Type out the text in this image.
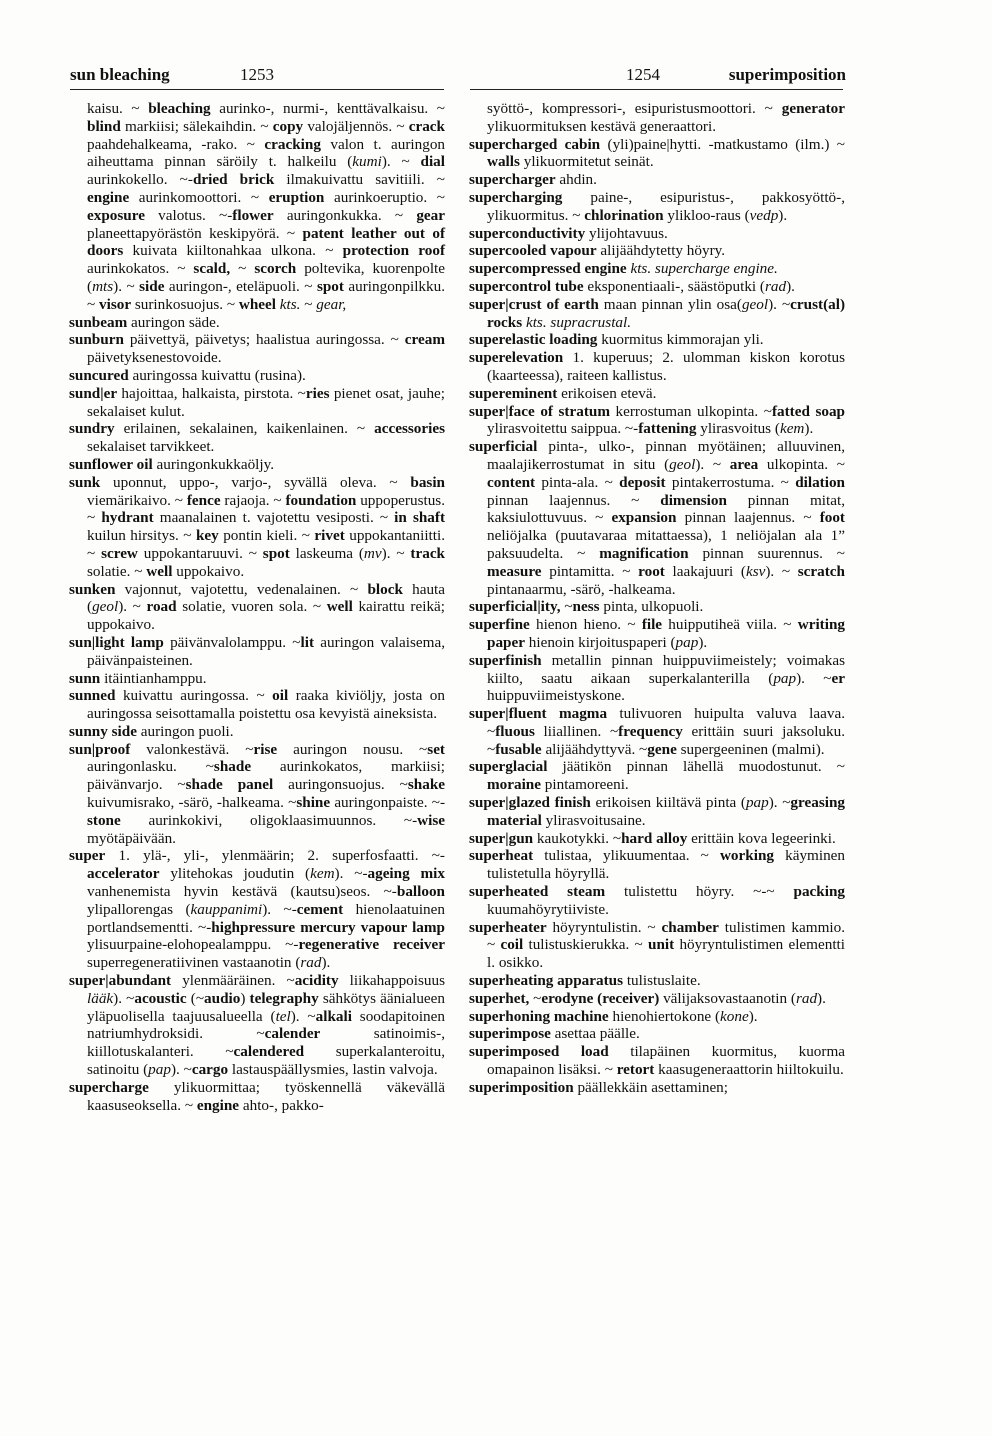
sun bleaching	1253	1254	superimposition

kaisu. ~ bleaching aurinko-, nurmi-, kenttävalkaisu. ~ blind markiisi; sälekaihdin. ~ copy valojäljennös. ~ crack paahdehalkeama, -rako. ~ cracking valon t. auringon aiheuttama pinnan säröily t. halkeilu (kumi). ~ dial aurinkokello. ~-dried brick ilmakuivattu savitiili. ~ engine aurinkomoottori. ~ eruption aurinkoeruptio. ~ exposure valotus. ~-flower auringonkukka. ~ gear planeettapyörästön keskipyörä. ~ patent leather out of doors kuivata kiiltonahkaa ulkona. ~ protection roof aurinkokatos. ~ scald, ~ scorch poltevika, kuorenpolte (mts). ~ side auringon-, eteläpuoli. ~ spot auringonpilkku. ~ visor surinkosuojus. ~ wheel kts. ~ gear,

sunbeam auringon säde.

sunburn päivettyä, päivetys; haalistua auringossa. ~ cream päivetyksenestovoide.

suncured auringossa kuivattu (rusina).

sund|er hajoittaa, halkaista, pirstota. ~ries pienet osat, jauhe; sekalaiset kulut.

sundry erilainen, sekalainen, kaikenlainen. ~ accessories sekalaiset tarvikkeet.

sunflower oil auringonkukkaöljy.

sunk uponnut, uppo-, varjo-, syvällä oleva. ~ basin viemärikaivo. ~ fence rajaoja. ~ foundation uppoperustus. ~ hydrant maanalainen t. vajotettu vesiposti. ~ in shaft kuilun hirsitys. ~ key pontin kieli. ~ rivet uppokantaniitti. ~ screw uppokantaruuvi. ~ spot laskeuma (mv). ~ track solatie. ~ well uppokaivo.

sunken vajonnut, vajotettu, vedenalainen. ~ block hauta (geol). ~ road solatie, vuoren sola. ~ well kairattu reikä; uppokaivo.

sun|light lamp päivänvalolamppu. ~lit auringon valaisema, päivänpaisteinen.

sunn itäintianhamppu.

sunned kuivattu auringossa. ~ oil raaka kiviöljy, josta on auringossa seisottamalla poistettu osa kevyistä aineksista.

sunny side auringon puoli.

sun|proof valonkestävä. ~rise auringon nousu. ~set auringonlasku. ~shade aurinkokatos, markiisi; päivänvarjo. ~shade panel auringonsuojus. ~shake kuivumisrako, -särö, -halkeama. ~shine auringonpaiste. ~-stone aurinkokivi, oligoklaasimuunnos. ~-wise myötäpäivään.

super 1. ylä-, yli-, ylenmäärin; 2. superfosfaatti. ~-accelerator ylitehokas joudutin (kem). ~-ageing mix vanhenemista hyvin kestävä (kautsu)seos. ~-balloon ylipallorengas (kauppanimi). ~-cement hienolaatuinen portlandsementti. ~-highpressure mercury vapour lamp ylisuurpaine-elohopealamppu. ~-regenerative receiver superregeneratiivinen vastaanotin (rad).

super|abundant ylenmääräinen. ~acidity liikahappoisuus lääk). ~acoustic (~audio) telegraphy sähkötys äänialueen yläpuolisella taajuusalueella (tel). ~alkali soodapitoinen natriumhydroksidi. ~calender satinoimis-, kiillotuskalanteri. ~calendered superkalanteroitu, satinoitu (pap). ~cargo lastauspäällysmies, lastin valvoja.

supercharge ylikuormittaa; työskennellä väkevällä kaasuseoksella. ~ engine ahto-, pakko-

syöttö-, kompressori-, esipuristusmoottori. ~ generator ylikuormituksen kestävä generaattori.

supercharged cabin (yli)paine|hytti. -matkustamo (ilm.) ~ walls ylikuormitetut seinät.

supercharger ahdin.

supercharging paine-, esipuristus-, pakkosyöttö-, ylikuormitus. ~ chlorination ylikloo-raus (vedp).

superconductivity ylijohtavuus.

supercooled vapour alijäähdytetty höyry.

supercompressed engine kts. supercharge engine.

supercontrol tube eksponentiaali-, säästöputki (rad).

super|crust of earth maan pinnan ylin osa(geol). ~crust(al) rocks kts. supracrustal.

superelastic loading kuormitus kimmorajan yli.

superelevation 1. kuperuus; 2. ulomman kiskon korotus (kaarteessa), raiteen kallistus.

supereminent erikoisen etevä.

super|face of stratum kerrostuman ulkopinta. ~fatted soap ylirasvoitettu saippua. ~-fattening ylirasvoitus (kem).

superficial pinta-, ulko-, pinnan myötäinen; alluuvinen, maalajikerrostumat in situ (geol). ~ area ulkopinta. ~ content pinta-ala. ~ deposit pintakerrostuma. ~ dilation pinnan laajennus. ~ dimension pinnan mitat, kaksiulottuvuus. ~ expansion pinnan laajennus. ~ foot neliöjalka (puutavaraa mitattaessa), 1 neliöjalan ala 1” paksuudelta. ~ magnification pinnan suurennus. ~ measure pintamitta. ~ root laakajuuri (ksv). ~ scratch pintanaarmu, -särö, -halkeama.

superficial|ity, ~ness pinta, ulkopuoli.

superfine hienon hieno. ~ file huipputiheä viila. ~ writing paper hienoin kirjoituspaperi (pap).

superfinish metallin pinnan huippuviimeistely; voimakas kiilto, saatu aikaan superkalanterilla (pap). ~er huippuviimeistyskone.

super|fluent magma tulivuoren huipulta valuva laava. ~fluous liiallinen. ~frequency erittäin suuri jaksoluku. ~fusable alijäähdyttyvä. ~gene supergeeninen (malmi).

superglacial jäätikön pinnan lähellä muodostunut. ~ moraine pintamoreeni.

super|glazed finish erikoisen kiiltävä pinta (pap). ~greasing material ylirasvoitusaine.

super|gun kaukotykki. ~hard alloy erittäin kova legeerinki.

superheat tulistaa, ylikuumentaa. ~ working käyminen tulistetulla höyryllä.

superheated steam tulistettu höyry. ~-~ packing kuumahöyrytiiviste.

superheater höyryntulistin. ~ chamber tulistimen kammio. ~ coil tulistuskierukka. ~ unit höyryntulistimen elementti l. osikko.

superheating apparatus tulistuslaite.

superhet, ~erodyne (receiver) välijaksovastaanotin (rad).

superhoning machine hienohiertokone (kone).

superimpose asettaa päälle.

superimposed load tilapäinen kuormitus, kuorma omapainon lisäksi. ~ retort kaasugeneraattorin hiiltokuilu.

superimposition päällekkäin asettaminen;
